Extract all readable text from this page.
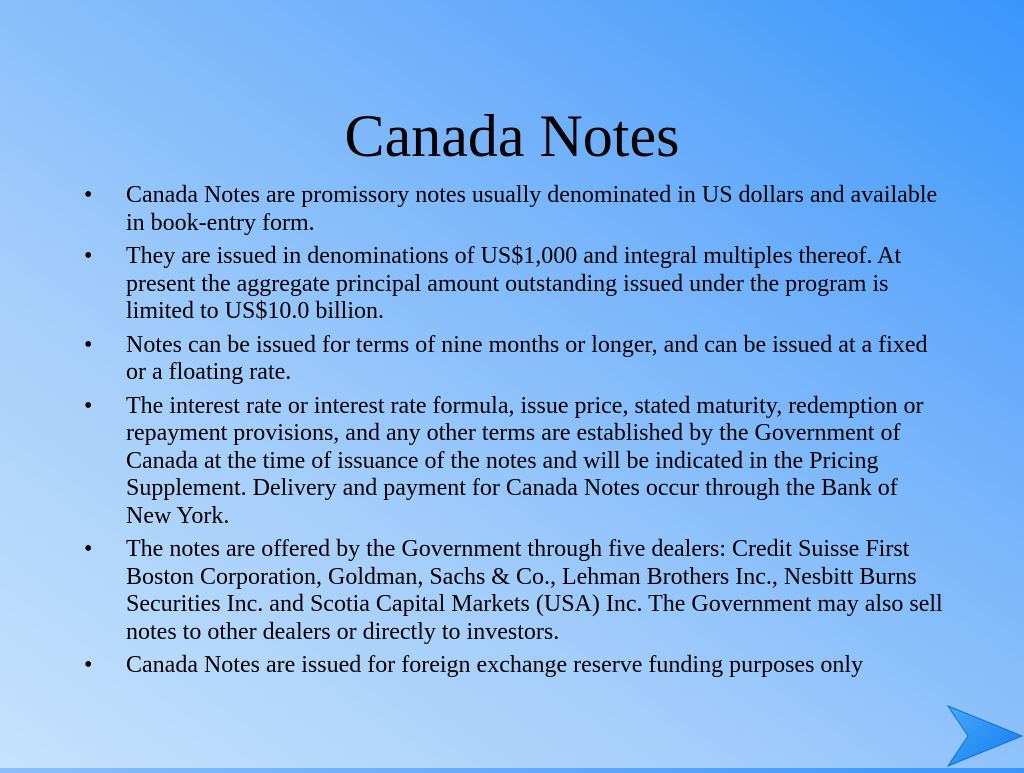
Canada Notes
•	Canada Notes are promissory notes usually denominated in US dollars and available in book-entry form.
•	They are issued in denominations of US$1,000 and integral multiples thereof. At present the aggregate principal amount outstanding issued under the program is limited to US$10.0 billion.
•	Notes can be issued for terms of nine months or longer, and can be issued at a fixed or a floating rate.
•	The interest rate or interest rate formula, issue price, stated maturity, redemption or repayment provisions, and any other terms are established by the Government of Canada at the time of issuance of the notes and will be indicated in the Pricing Supplement. Delivery and payment for Canada Notes occur through the Bank of New York.
•	The notes are offered by the Government through five dealers: Credit Suisse First Boston Corporation, Goldman, Sachs & Co., Lehman Brothers Inc., Nesbitt Burns Securities Inc. and Scotia Capital Markets (USA) Inc. The Government may also sell notes to other dealers or directly to investors.
•	Canada Notes are issued for foreign exchange reserve funding purposes only
